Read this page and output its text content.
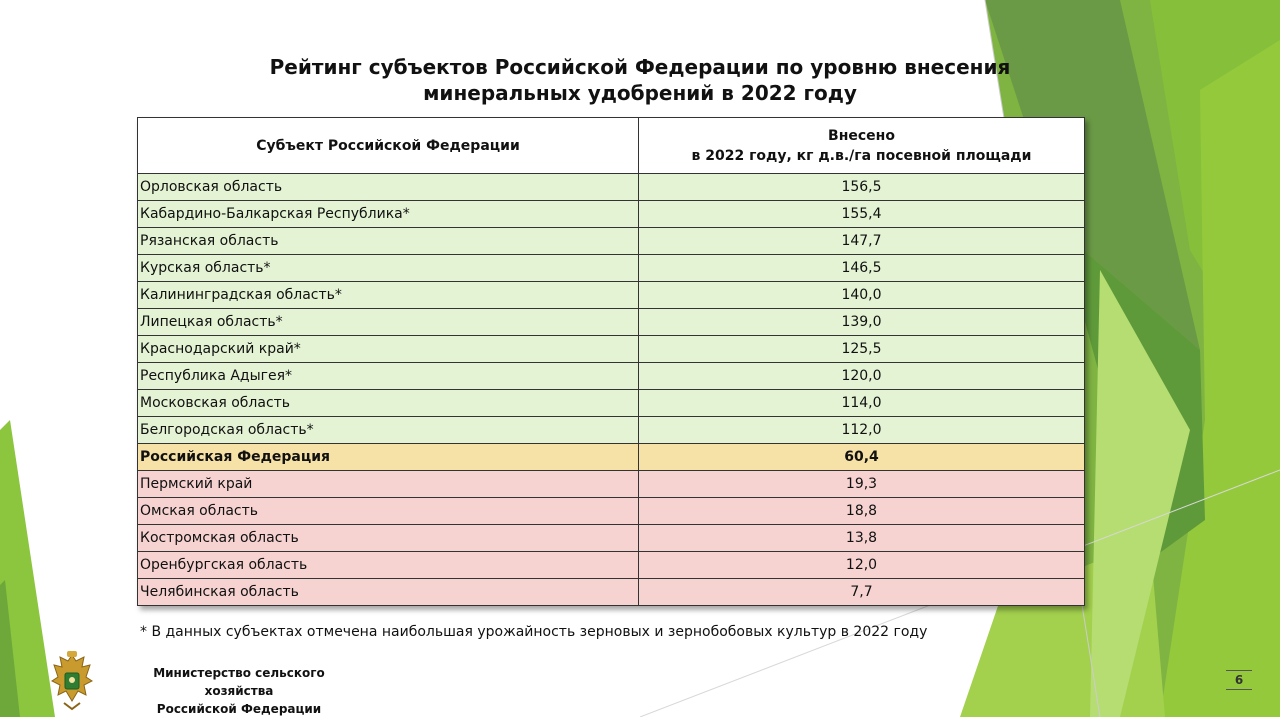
Рейтинг субъектов Российской Федерации по уровню внесения
минеральных удобрений в 2022 году
Субъект Российской Федерации	Внесено
в 2022 году, кг д.в./га посевной площади

Орловская область	156,5
Кабардино-Балкарская Республика*	155,4
Рязанская область	147,7
Курская область*	146,5
Калининградская область*	140,0
Липецкая область*	139,0
Краснодарский край*	125,5
Республика Адыгея*	120,0
Московская область	114,0
Белгородская область*	112,0
Российская Федерация	60,4
Пермский край	19,3
Омская область	18,8
Костромская область	13,8
Оренбургская область	12,0
Челябинская область	7,7
* В данных субъектах отмечена наибольшая урожайность зерновых и зернобобовых культур в 2022 году
Министерство сельского хозяйства
Российской Федерации
6
